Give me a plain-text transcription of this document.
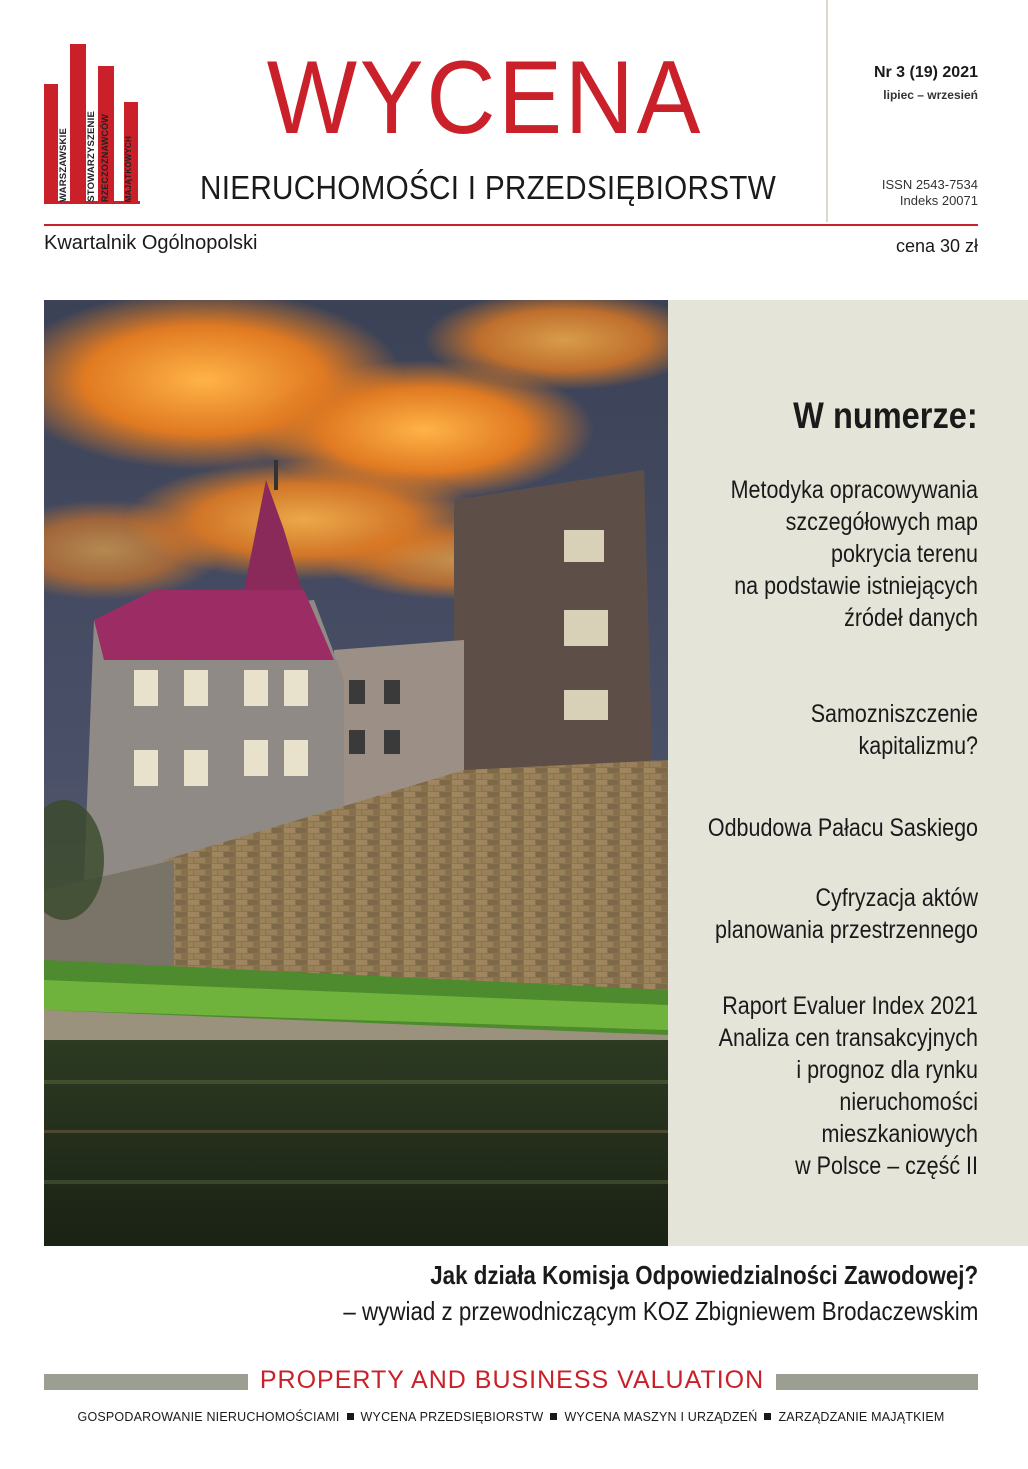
WARSZAWSKIE STOWARZYSZENIE RZECZOZNAWCÓW MAJĄTKOWYCH
WYCENA
NIERUCHOMOŚCI I PRZEDSIĘBIORSTW
Nr 3 (19) 2021
lipiec – wrzesień
ISSN 2543-7534
Indeks 20071
Kwartalnik Ogólnopolski	cena 30 zł
W numerze:
Metodyka opracowywania
szczegółowych map
pokrycia terenu
na podstawie istniejących
źródeł danych
Samozniszczenie
kapitalizmu?
Odbudowa Pałacu Saskiego
Cyfryzacja aktów
planowania przestrzennego
Raport Evaluer Index 2021
Analiza cen transakcyjnych
i prognoz dla rynku
nieruchomości
mieszkaniowych
w Polsce – część II
Jak działa Komisja Odpowiedzialności Zawodowej?
– wywiad z przewodniczącym KOZ Zbigniewem Brodaczewskim
PROPERTY AND BUSINESS VALUATION
GOSPODAROWANIE NIERUCHOMOŚCIAMI WYCENA PRZEDSIĘBIORSTW WYCENA MASZYN I URZĄDZEŃ ZARZĄDZANIE MAJĄTKIEM
